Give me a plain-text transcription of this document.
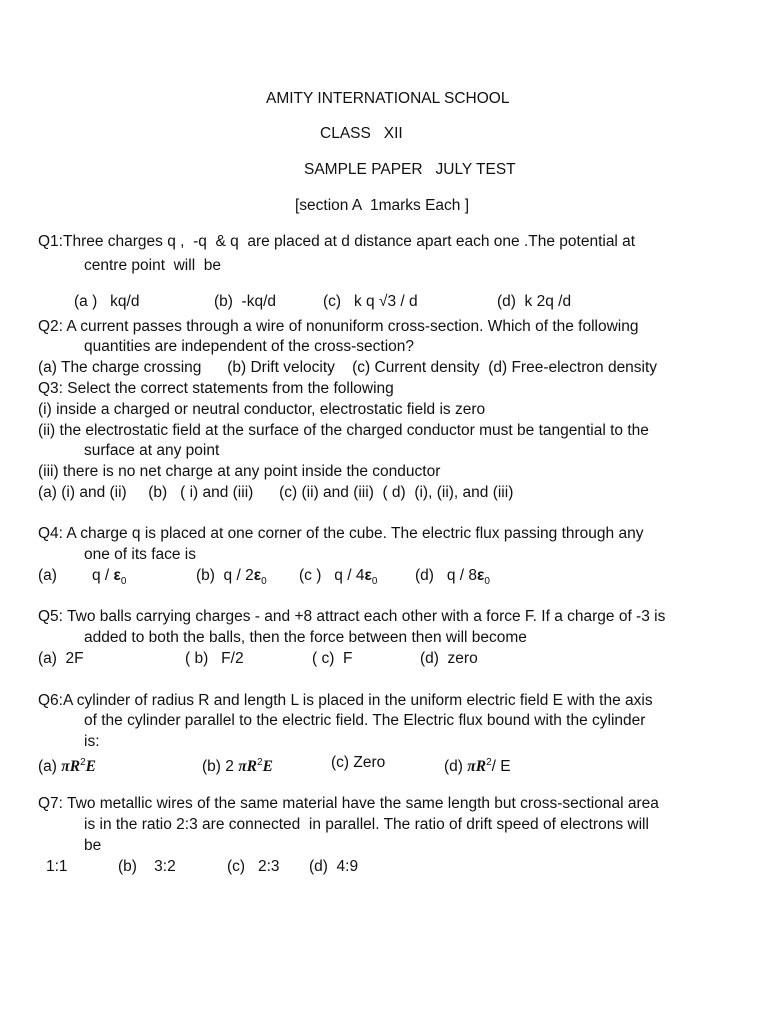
AMITY INTERNATIONAL SCHOOL
CLASS   XII
SAMPLE PAPER   JULY TEST
[section A  1marks Each ]
Q1:Three charges q ,  -q  & q  are placed at d distance apart each one .The potential at
centre point  will  be
(a )   kq/d	(b)  -kq/d	(c)   k q √3 / d	(d)  k 2q /d
Q2: A current passes through a wire of nonuniform cross-section. Which of the following
quantities are independent of the cross-section?
(a) The charge crossing      (b) Drift velocity    (c) Current density  (d) Free-electron density
Q3: Select the correct statements from the following
(i) inside a charged or neutral conductor, electrostatic field is zero
(ii) the electrostatic field at the surface of the charged conductor must be tangential to the
surface at any point
(iii) there is no net charge at any point inside the conductor
(a) (i) and (ii)     (b)   ( i) and (iii)      (c) (ii) and (iii)  ( d)  (i), (ii), and (iii)
Q4: A charge q is placed at one corner of the cube. The electric flux passing through any
one of its face is
(a) q / $\varepsilon_0$	(b)  q / $2\varepsilon_0$ (c )   q / $4\varepsilon_0$ (d)   q / $8\varepsilon_0$
Q5: Two balls carrying charges - and +8 attract each other with a force F. If a charge of -3 is
added to both the balls, then the force between then will become
(a)  2F	( b)   F/2	( c)  F	(d)  zero
Q6:A cylinder of radius R and length L is placed in the uniform electric field E with the axis
of the cylinder parallel to the electric field. The Electric flux bound with the cylinder
is:
(a) $\pi R^2E$	(b) 2 $\pi R^2E$	(c) Zero	(d) $\pi R^2/$ E
Q7: Two metallic wires of the same material have the same length but cross-sectional area
is in the ratio 2:3 are connected  in parallel. The ratio of drift speed of electrons will
be
1:1	(b)    3:2	(c)   2:3 (d)  4:9
